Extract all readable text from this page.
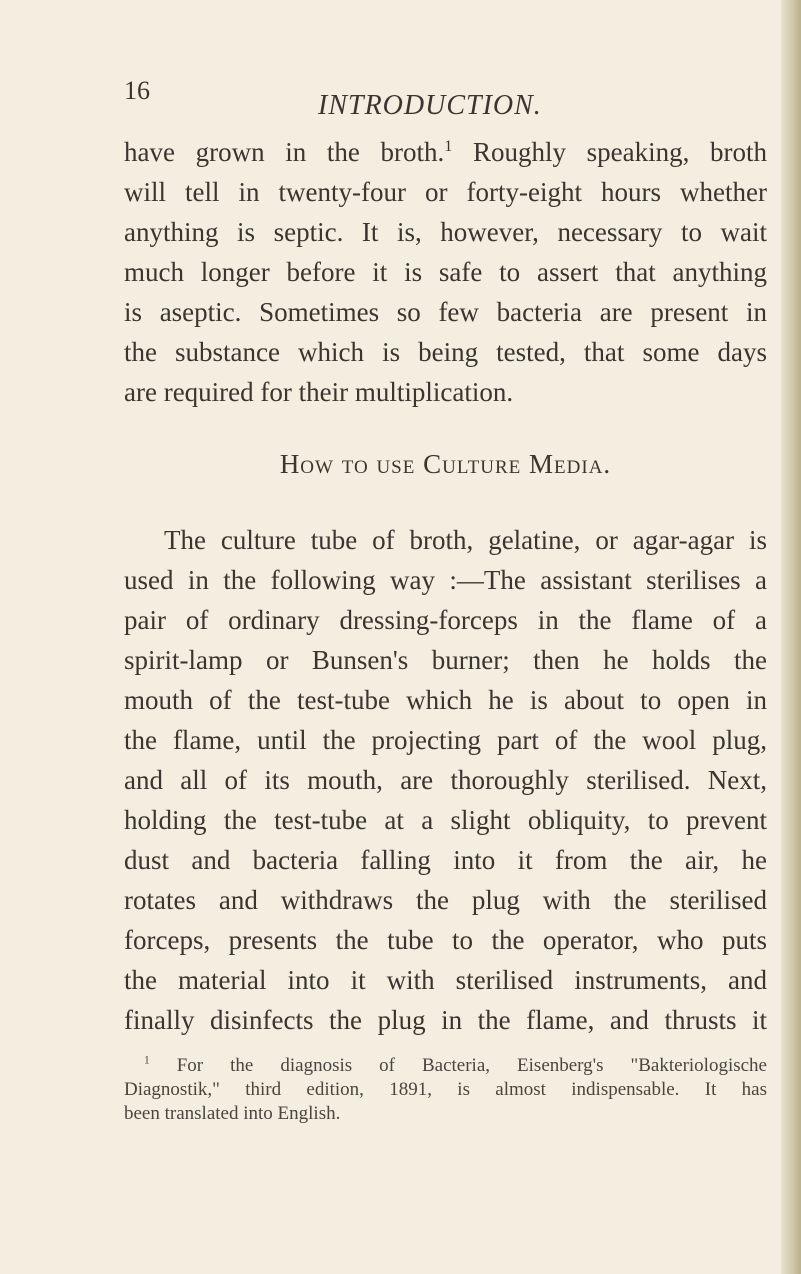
16	INTRODUCTION.
have grown in the broth.$^1$ Roughly speaking, broth
will tell in twenty-four or forty-eight hours whether
anything is septic. It is, however, necessary to wait
much longer before it is safe to assert that anything
is aseptic. Sometimes so few bacteria are present in
the substance which is being tested, that some days
are required for their multiplication.
How to use Culture Media.
The culture tube of broth, gelatine, or agar-agar is
used in the following way :—The assistant sterilises a
pair of ordinary dressing-forceps in the flame of a
spirit-lamp or Bunsen's burner; then he holds the
mouth of the test-tube which he is about to open in
the flame, until the projecting part of the wool plug,
and all of its mouth, are thoroughly sterilised. Next,
holding the test-tube at a slight obliquity, to prevent
dust and bacteria falling into it from the air, he
rotates and withdraws the plug with the sterilised
forceps, presents the tube to the operator, who puts
the material into it with sterilised instruments, and
finally disinfects the plug in the flame, and thrusts it
$^1$ For the diagnosis of Bacteria, Eisenberg's "Bakteriologische
Diagnostik," third edition, 1891, is almost indispensable. It has
been translated into English.
